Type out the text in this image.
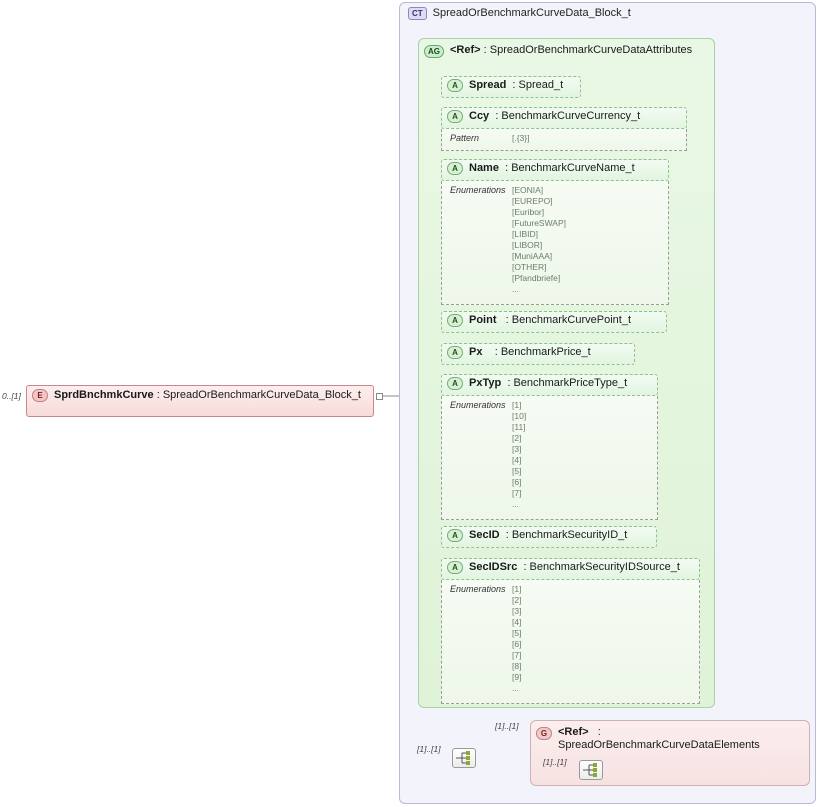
E	SprdBnchmkCurve : SpreadOrBenchmarkCurveData_Block_t
0..[1]
CT SpreadOrBenchmarkCurveData_Block_t
AG <Ref> : SpreadOrBenchmarkCurveDataAttributes
A	Spread : Spread_t
A	Ccy : BenchmarkCurveCurrency_t
Pattern	[.{3}]
A	Name : BenchmarkCurveName_t
Enumerations [EONIA]
[EUREPO]
[Euribor]
[FutureSWAP]
[LIBID]
[LIBOR]
[MuniAAA]
[OTHER]
[Pfandbriefe]
...
A	Point : BenchmarkCurvePoint_t
A	Px : BenchmarkPrice_t
A	PxTyp : BenchmarkPriceType_t
Enumerations [1]
[10]
[11]
[2]
[3]
[4]
[5]
[6]
[7]
...
A	SecID : BenchmarkSecurityID_t
A	SecIDSrc : BenchmarkSecurityIDSource_t
Enumerations [1]
[2]
[3]
[4]
[5]
[6]
[7]
[8]
[9]
...
[1]..[1]
G <Ref> : SpreadOrBenchmarkCurveDataElements
[1]..[1]
[1]..[1]
